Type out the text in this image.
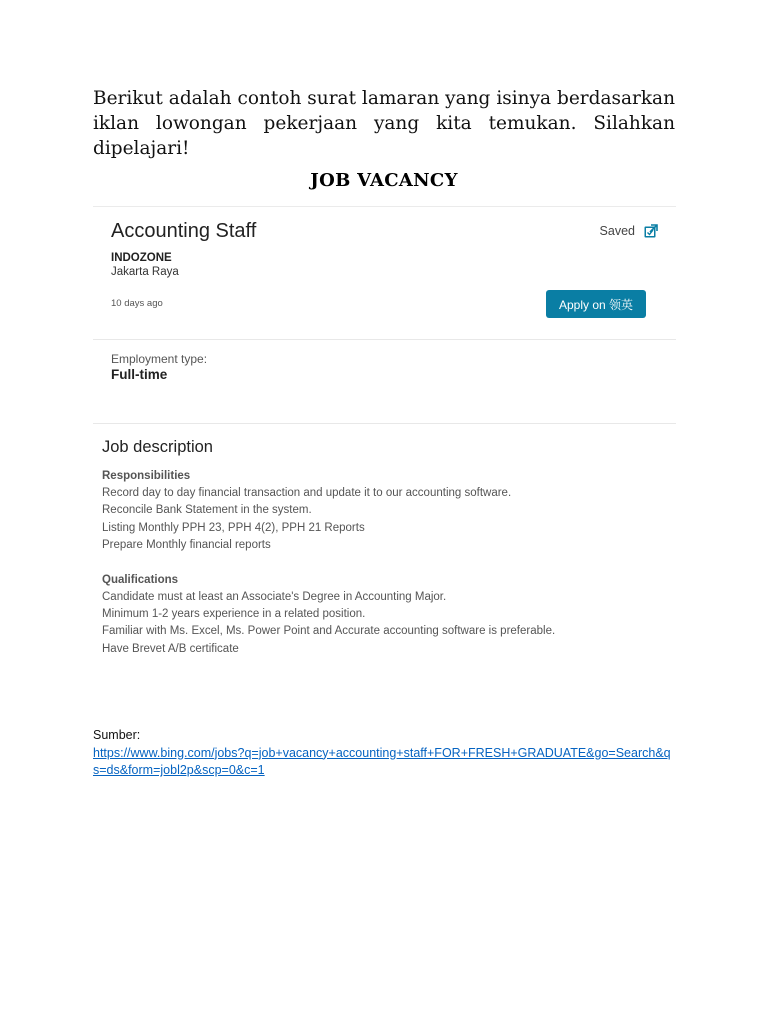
Berikut adalah contoh surat lamaran yang isinya berdasarkan iklan lowongan pekerjaan yang kita temukan. Silahkan dipelajari!

JOB VACANCY
Accounting Staff	Saved
INDOZONE
Jakarta Raya
10 days ago	Apply on 领英
Employment type:
Full-time
Job description

Responsibilities

Record day to day financial transaction and update it to our accounting software.
Reconcile Bank Statement in the system.
Listing Monthly PPH 23, PPH 4(2), PPH 21 Reports
Prepare Monthly financial reports

Qualifications

Candidate must at least an Associate's Degree in Accounting Major.
Minimum 1-2 years experience in a related position.
Familiar with Ms. Excel, Ms. Power Point and Accurate accounting software is preferable.
Have Brevet A/B certificate
Sumber:
https://www.bing.com/jobs?q=job+vacancy+accounting+staff+FOR+FRESH+GRADUATE&go=Search&qs=ds&form=jobl2p&scp=0&c=1
